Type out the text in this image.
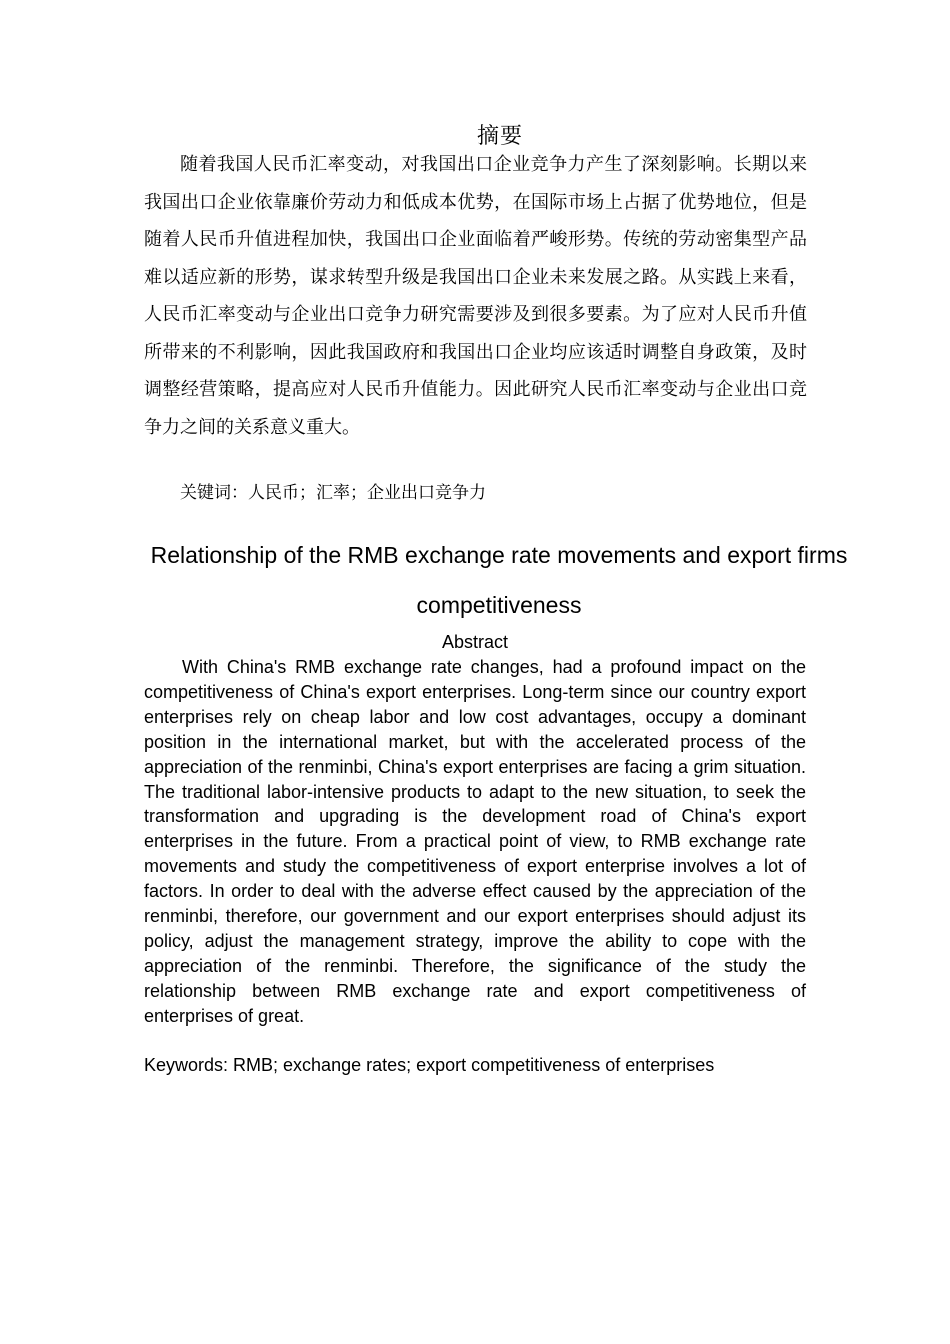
摘要

随着我国人民币汇率变动，对我国出口企业竞争力产生了深刻影响。长期以来我国出口企业依靠廉价劳动力和低成本优势，在国际市场上占据了优势地位，但是随着人民币升值进程加快，我国出口企业面临着严峻形势。传统的劳动密集型产品难以适应新的形势，谋求转型升级是我国出口企业未来发展之路。从实践上来看，人民币汇率变动与企业出口竞争力研究需要涉及到很多要素。为了应对人民币升值所带来的不利影响，因此我国政府和我国出口企业均应该适时调整自身政策，及时调整经营策略，提高应对人民币升值能力。因此研究人民币汇率变动与企业出口竞争力之间的关系意义重大。

关键词：人民币；汇率；企业出口竞争力

Relationship of the RMB exchange rate movements and export firms competitiveness

Abstract

With China's RMB exchange rate changes, had a profound impact on the competitiveness of China's export enterprises. Long-term since our country export enterprises rely on cheap labor and low cost advantages, occupy a dominant position in the international market, but with the accelerated process of the appreciation of the renminbi, China's export enterprises are facing a grim situation. The traditional labor-intensive products to adapt to the new situation, to seek the transformation and upgrading is the development road of China's export enterprises in the future. From a practical point of view, to RMB exchange rate movements and study the competitiveness of export enterprise involves a lot of factors. In order to deal with the adverse effect caused by the appreciation of the renminbi, therefore, our government and our export enterprises should adjust its policy, adjust the management strategy, improve the ability to cope with the appreciation of the renminbi. Therefore, the significance of the study the relationship between RMB exchange rate and export competitiveness of enterprises of great.

Keywords: RMB; exchange rates; export competitiveness of enterprises
